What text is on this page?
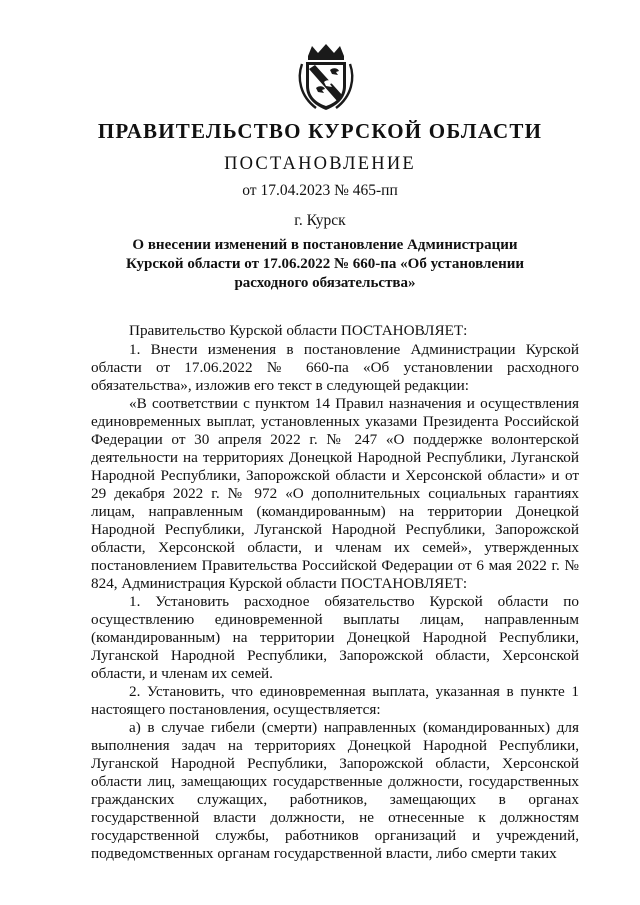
ПРАВИТЕЛЬСТВО КУРСКОЙ ОБЛАСТИ
ПОСТАНОВЛЕНИЕ
от 17.04.2023 № 465-пп
г. Курск
О внесении изменений в постановление Администрации Курской области от 17.06.2022 № 660-па «Об установлении расходного обязательства»

Правительство Курской области ПОСТАНОВЛЯЕТ:

1. Внести изменения в постановление Администрации Курской области от 17.06.2022 № 660-па «Об установлении расходного обязательства», изложив его текст в следующей редакции:

«В соответствии с пунктом 14 Правил назначения и осуществления единовременных выплат, установленных указами Президента Российской Федерации от 30 апреля 2022 г. № 247 «О поддержке волонтерской деятельности на территориях Донецкой Народной Республики, Луганской Народной Республики, Запорожской области и Херсонской области» и от 29 декабря 2022 г. № 972 «О дополнительных социальных гарантиях лицам, направленным (командированным) на территории Донецкой Народной Республики, Луганской Народной Республики, Запорожской области, Херсонской области, и членам их семей», утвержденных постановлением Правительства Российской Федерации от 6 мая 2022 г. № 824, Администрация Курской области ПОСТАНОВЛЯЕТ:

1. Установить расходное обязательство Курской области по осуществлению единовременной выплаты лицам, направленным (командированным) на территории Донецкой Народной Республики, Луганской Народной Республики, Запорожской области, Херсонской области, и членам их семей.

2. Установить, что единовременная выплата, указанная в пункте 1 настоящего постановления, осуществляется:

а) в случае гибели (смерти) направленных (командированных) для выполнения задач на территориях Донецкой Народной Республики, Луганской Народной Республики, Запорожской области, Херсонской области лиц, замещающих государственные должности, государственных гражданских служащих, работников, замещающих в органах государственной власти должности, не отнесенные к должностям государственной службы, работников организаций и учреждений, подведомственных органам государственной власти, либо смерти таких
